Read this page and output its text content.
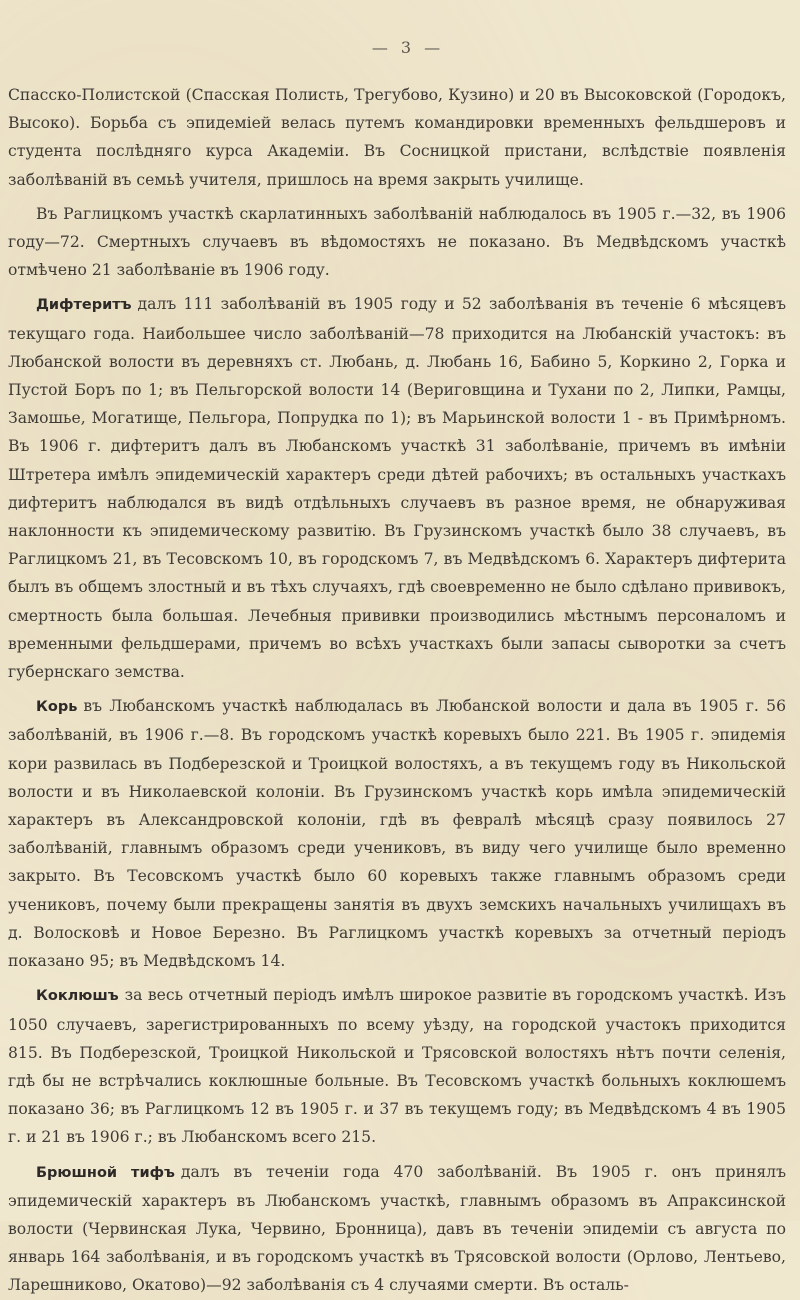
— 3 —

Спасско-Полистской (Спасская Полисть, Трегубово, Кузино) и 20 въ Высоковской (Городокъ, Высоко). Борьба съ эпидеміей велась путемъ командировки временныхъ фельдшеровъ и студента послѣдняго курса Академіи. Въ Сосницкой пристани, вслѣдствіе появленія заболѣваній въ семьѣ учителя, пришлось на время закрыть училище.

Въ Раглицкомъ участкѣ скарлатинныхъ заболѣваній наблюдалось въ 1905 г.—32, въ 1906 году—72. Смертныхъ случаевъ въ вѣдомостяхъ не показано. Въ Медвѣдскомъ участкѣ отмѣчено 21 заболѣваніе въ 1906 году.

Дифтеритъ далъ 111 заболѣваній въ 1905 году и 52 заболѣванія въ теченіе 6 мѣсяцевъ текущаго года. Наибольшее число заболѣваній—78 приходится на Любанскій участокъ: въ Любанской волости въ деревняхъ ст. Любань, д. Любань 16, Бабино 5, Коркино 2, Горка и Пустой Боръ по 1; въ Пельгорской волости 14 (Вериговщина и Тухани по 2, Липки, Рамцы, Замошье, Могатище, Пельгора, Попрудка по 1); въ Марьинской волости 1 - въ Примѣрномъ. Въ 1906 г. дифтеритъ далъ въ Любанскомъ участкѣ 31 заболѣваніе, причемъ въ имѣніи Штретера имѣлъ эпидемическій характеръ среди дѣтей рабочихъ; въ остальныхъ участкахъ дифтеритъ наблюдался въ видѣ отдѣльныхъ случаевъ въ разное время, не обнаруживая наклонности къ эпидемическому развитію. Въ Грузинскомъ участкѣ было 38 случаевъ, въ Раглицкомъ 21, въ Тесовскомъ 10, въ городскомъ 7, въ Медвѣдскомъ 6. Характеръ дифтерита былъ въ общемъ злостный и въ тѣхъ случаяхъ, гдѣ своевременно не было сдѣлано прививокъ, смертность была большая. Лечебныя прививки производились мѣстнымъ персоналомъ и временными фельдшерами, причемъ во всѣхъ участкахъ были запасы сыворотки за счетъ губернскаго земства.

Корь въ Любанскомъ участкѣ наблюдалась въ Любанской волости и дала въ 1905 г. 56 заболѣваній, въ 1906 г.—8. Въ городскомъ участкѣ коревыхъ было 221. Въ 1905 г. эпидемія кори развилась въ Подберезской и Троицкой волостяхъ, а въ текущемъ году въ Никольской волости и въ Николаевской колоніи. Въ Грузинскомъ участкѣ корь имѣла эпидемическій характеръ въ Александровской колоніи, гдѣ въ февралѣ мѣсяцѣ сразу появилось 27 заболѣваній, главнымъ образомъ среди учениковъ, въ виду чего училище было временно закрыто. Въ Тесовскомъ участкѣ было 60 коревыхъ также главнымъ образомъ среди учениковъ, почему были прекращены занятія въ двухъ земскихъ начальныхъ училищахъ въ д. Волосковѣ и Новое Березно. Въ Раглицкомъ участкѣ коревыхъ за отчетный періодъ показано 95; въ Медвѣдскомъ 14.

Коклюшъ за весь отчетный періодъ имѣлъ широкое развитіе въ городскомъ участкѣ. Изъ 1050 случаевъ, зарегистрированныхъ по всему уѣзду, на городской участокъ приходится 815. Въ Подберезской, Троицкой Никольской и Трясовской волостяхъ нѣтъ почти селенія, гдѣ бы не встрѣчались коклюшные больные. Въ Тесовскомъ участкѣ больныхъ коклюшемъ показано 36; въ Раглицкомъ 12 въ 1905 г. и 37 въ текущемъ году; въ Медвѣдскомъ 4 въ 1905 г. и 21 въ 1906 г.; въ Любанскомъ всего 215.

Брюшной тифъ далъ въ теченіи года 470 заболѣваній. Въ 1905 г. онъ принялъ эпидемическій характеръ въ Любанскомъ участкѣ, главнымъ образомъ въ Апраксинской волости (Червинская Лука, Червино, Бронница), давъ въ теченіи эпидеміи съ августа по январь 164 заболѣванія, и въ городскомъ участкѣ въ Трясовской волости (Орлово, Лентьево, Ларешниково, Окатово)—92 заболѣванія съ 4 случаями смерти. Въ осталь-
